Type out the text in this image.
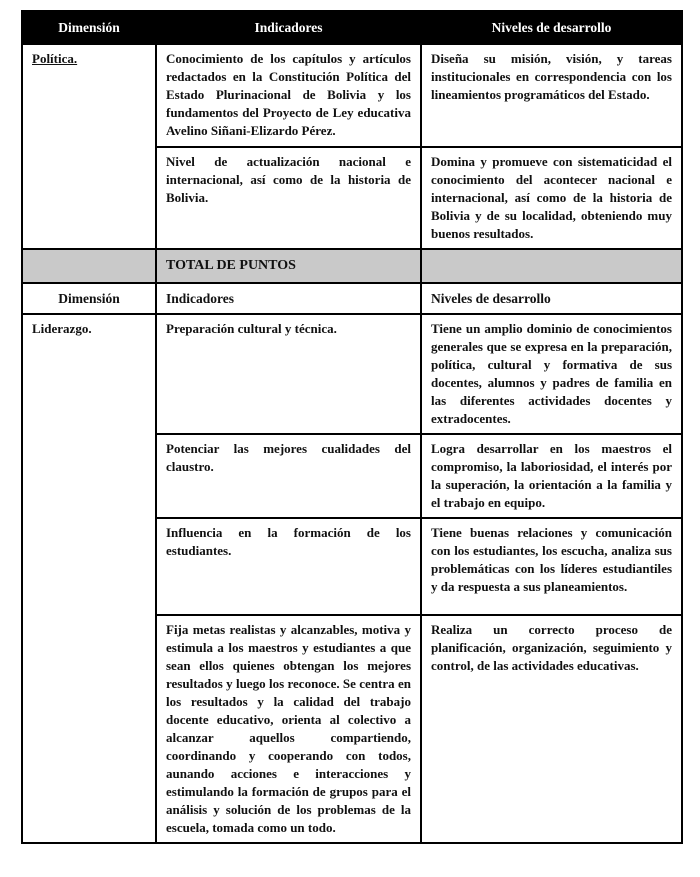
Dimensión	Indicadores	Niveles de desarrollo
Política.	Conocimiento de los capítulos y artículos redactados en la Constitución Política del Estado Plurinacional de Bolivia y los fundamentos del Proyecto de Ley educativa Avelino Siñani-Elizardo Pérez.	Diseña su misión, visión, y tareas institucionales en correspondencia con los lineamientos programáticos del Estado.
	Nivel de actualización nacional e internacional, así como de la historia de Bolivia.	Domina y promueve con sistematicidad el conocimiento del acontecer nacional e internacional, así como de la historia de Bolivia y de su localidad, obteniendo muy buenos resultados.
	TOTAL DE PUNTOS	
Dimensión	Indicadores	Niveles de desarrollo
Liderazgo.	Preparación cultural y técnica.	Tiene un amplio dominio de conocimientos generales que se expresa en la preparación, política, cultural y formativa de sus docentes, alumnos y padres de familia en las diferentes actividades docentes y extradocentes.
	Potenciar las mejores cualidades del claustro.	Logra desarrollar en los maestros el compromiso, la laboriosidad, el interés por la superación, la orientación a la familia y el trabajo en equipo.
	Influencia en la formación de los estudiantes.	Tiene buenas relaciones y comunicación con los estudiantes, los escucha, analiza sus problemáticas con los líderes estudiantiles y da respuesta a sus planeamientos.
	Fija metas realistas y alcanzables, motiva y estimula a los maestros y estudiantes a que sean ellos quienes obtengan los mejores resultados y luego los reconoce. Se centra en los resultados y la calidad del trabajo docente educativo, orienta al colectivo a alcanzar aquellos compartiendo, coordinando y cooperando con todos, aunando acciones e interacciones y estimulando la formación de grupos para el análisis y solución de los problemas de la escuela, tomada como un todo.	Realiza un correcto proceso de planificación, organización, seguimiento y control, de las actividades educativas.
